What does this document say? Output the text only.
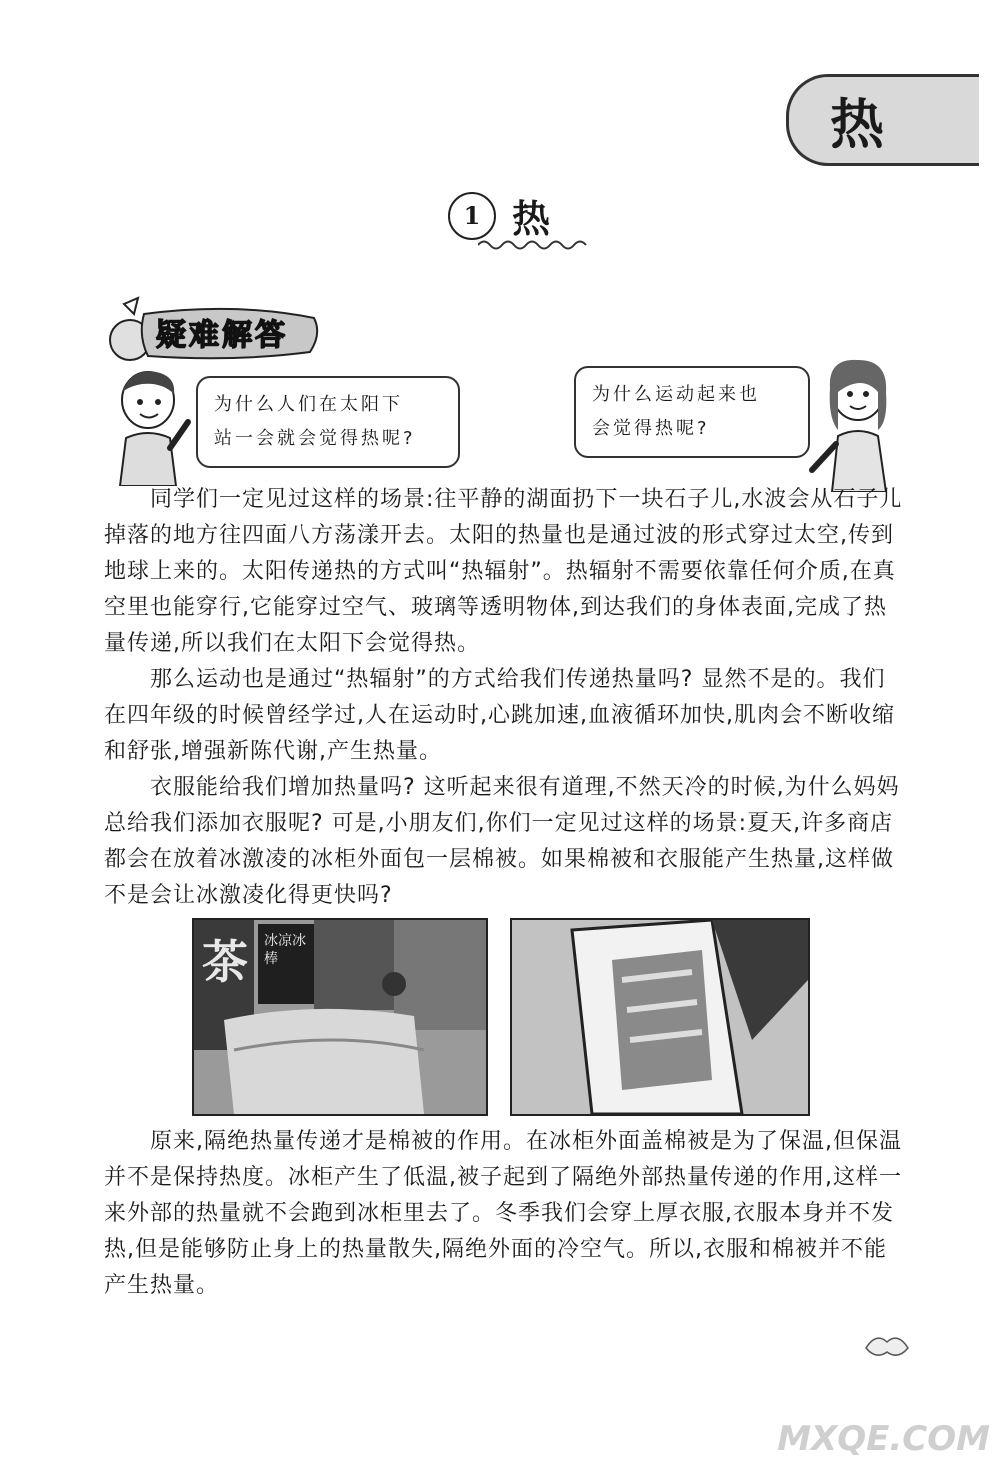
热
1 热
疑难解答
为什么人们在太阳下
站一会就会觉得热呢?
为什么运动起来也
会觉得热呢?

同学们一定见过这样的场景:往平静的湖面扔下一块石子儿,水波会从石子儿掉落的地方往四面八方荡漾开去。太阳的热量也是通过波的形式穿过太空,传到地球上来的。太阳传递热的方式叫“热辐射”。热辐射不需要依靠任何介质,在真空里也能穿行,它能穿过空气、玻璃等透明物体,到达我们的身体表面,完成了热量传递,所以我们在太阳下会觉得热。

那么运动也是通过“热辐射”的方式给我们传递热量吗? 显然不是的。我们在四年级的时候曾经学过,人在运动时,心跳加速,血液循环加快,肌肉会不断收缩和舒张,增强新陈代谢,产生热量。

衣服能给我们增加热量吗? 这听起来很有道理,不然天冷的时候,为什么妈妈总给我们添加衣服呢? 可是,小朋友们,你们一定见过这样的场景:夏天,许多商店都会在放着冰激凌的冰柜外面包一层棉被。如果棉被和衣服能产生热量,这样做不是会让冰激凌化得更快吗?

茶 冰凉冰棒

原来,隔绝热量传递才是棉被的作用。在冰柜外面盖棉被是为了保温,但保温并不是保持热度。冰柜产生了低温,被子起到了隔绝外部热量传递的作用,这样一来外部的热量就不会跑到冰柜里去了。冬季我们会穿上厚衣服,衣服本身并不发热,但是能够防止身上的热量散失,隔绝外面的冷空气。所以,衣服和棉被并不能产生热量。

MXQE.COM
